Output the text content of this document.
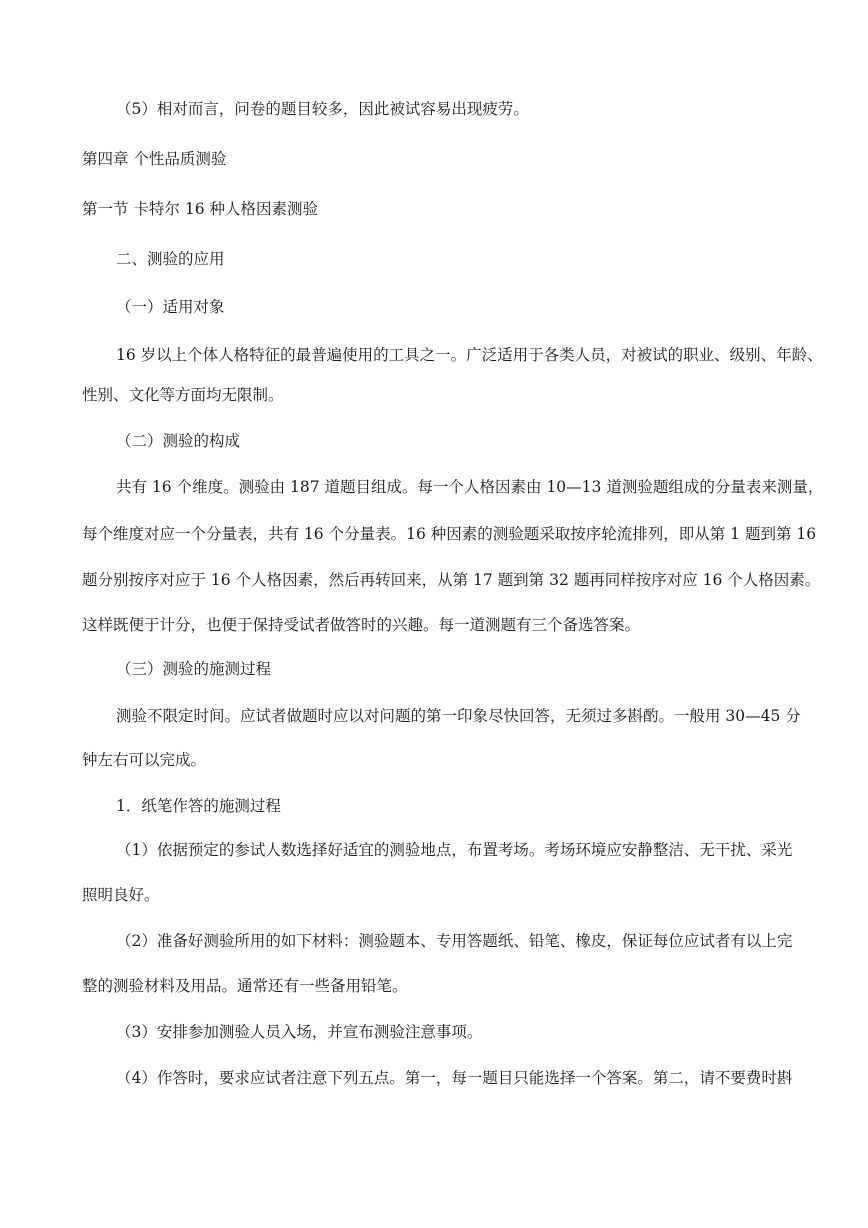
（5）相对而言，问卷的题目较多，因此被试容易出现疲劳。
第四章 个性品质测验
第一节 卡特尔 16 种人格因素测验
二、测验的应用
（一）适用对象
16 岁以上个体人格特征的最普遍使用的工具之一。广泛适用于各类人员，对被试的职业、级别、年龄、
性别、文化等方面均无限制。
（二）测验的构成
共有 16 个维度。测验由 187 道题目组成。每一个人格因素由 10—13 道测验题组成的分量表来测量，
每个维度对应一个分量表，共有 16 个分量表。16 种因素的测验题采取按序轮流排列，即从第 1 题到第 16
题分别按序对应于 16 个人格因素，然后再转回来，从第 17 题到第 32 题再同样按序对应 16 个人格因素。
这样既便于计分，也便于保持受试者做答时的兴趣。每一道测题有三个备选答案。
（三）测验的施测过程
测验不限定时间。应试者做题时应以对问题的第一印象尽快回答，无须过多斟酌。一般用 30—45 分
钟左右可以完成。
1．纸笔作答的施测过程
（1）依据预定的参试人数选择好适宜的测验地点，布置考场。考场环境应安静整洁、无干扰、采光
照明良好。
（2）准备好测验所用的如下材料：测验题本、专用答题纸、铅笔、橡皮，保证每位应试者有以上完
整的测验材料及用品。通常还有一些备用铅笔。
（3）安排参加测验人员入场，并宣布测验注意事项。
（4）作答时，要求应试者注意下列五点。第一，每一题目只能选择一个答案。第二，请不要费时斟
